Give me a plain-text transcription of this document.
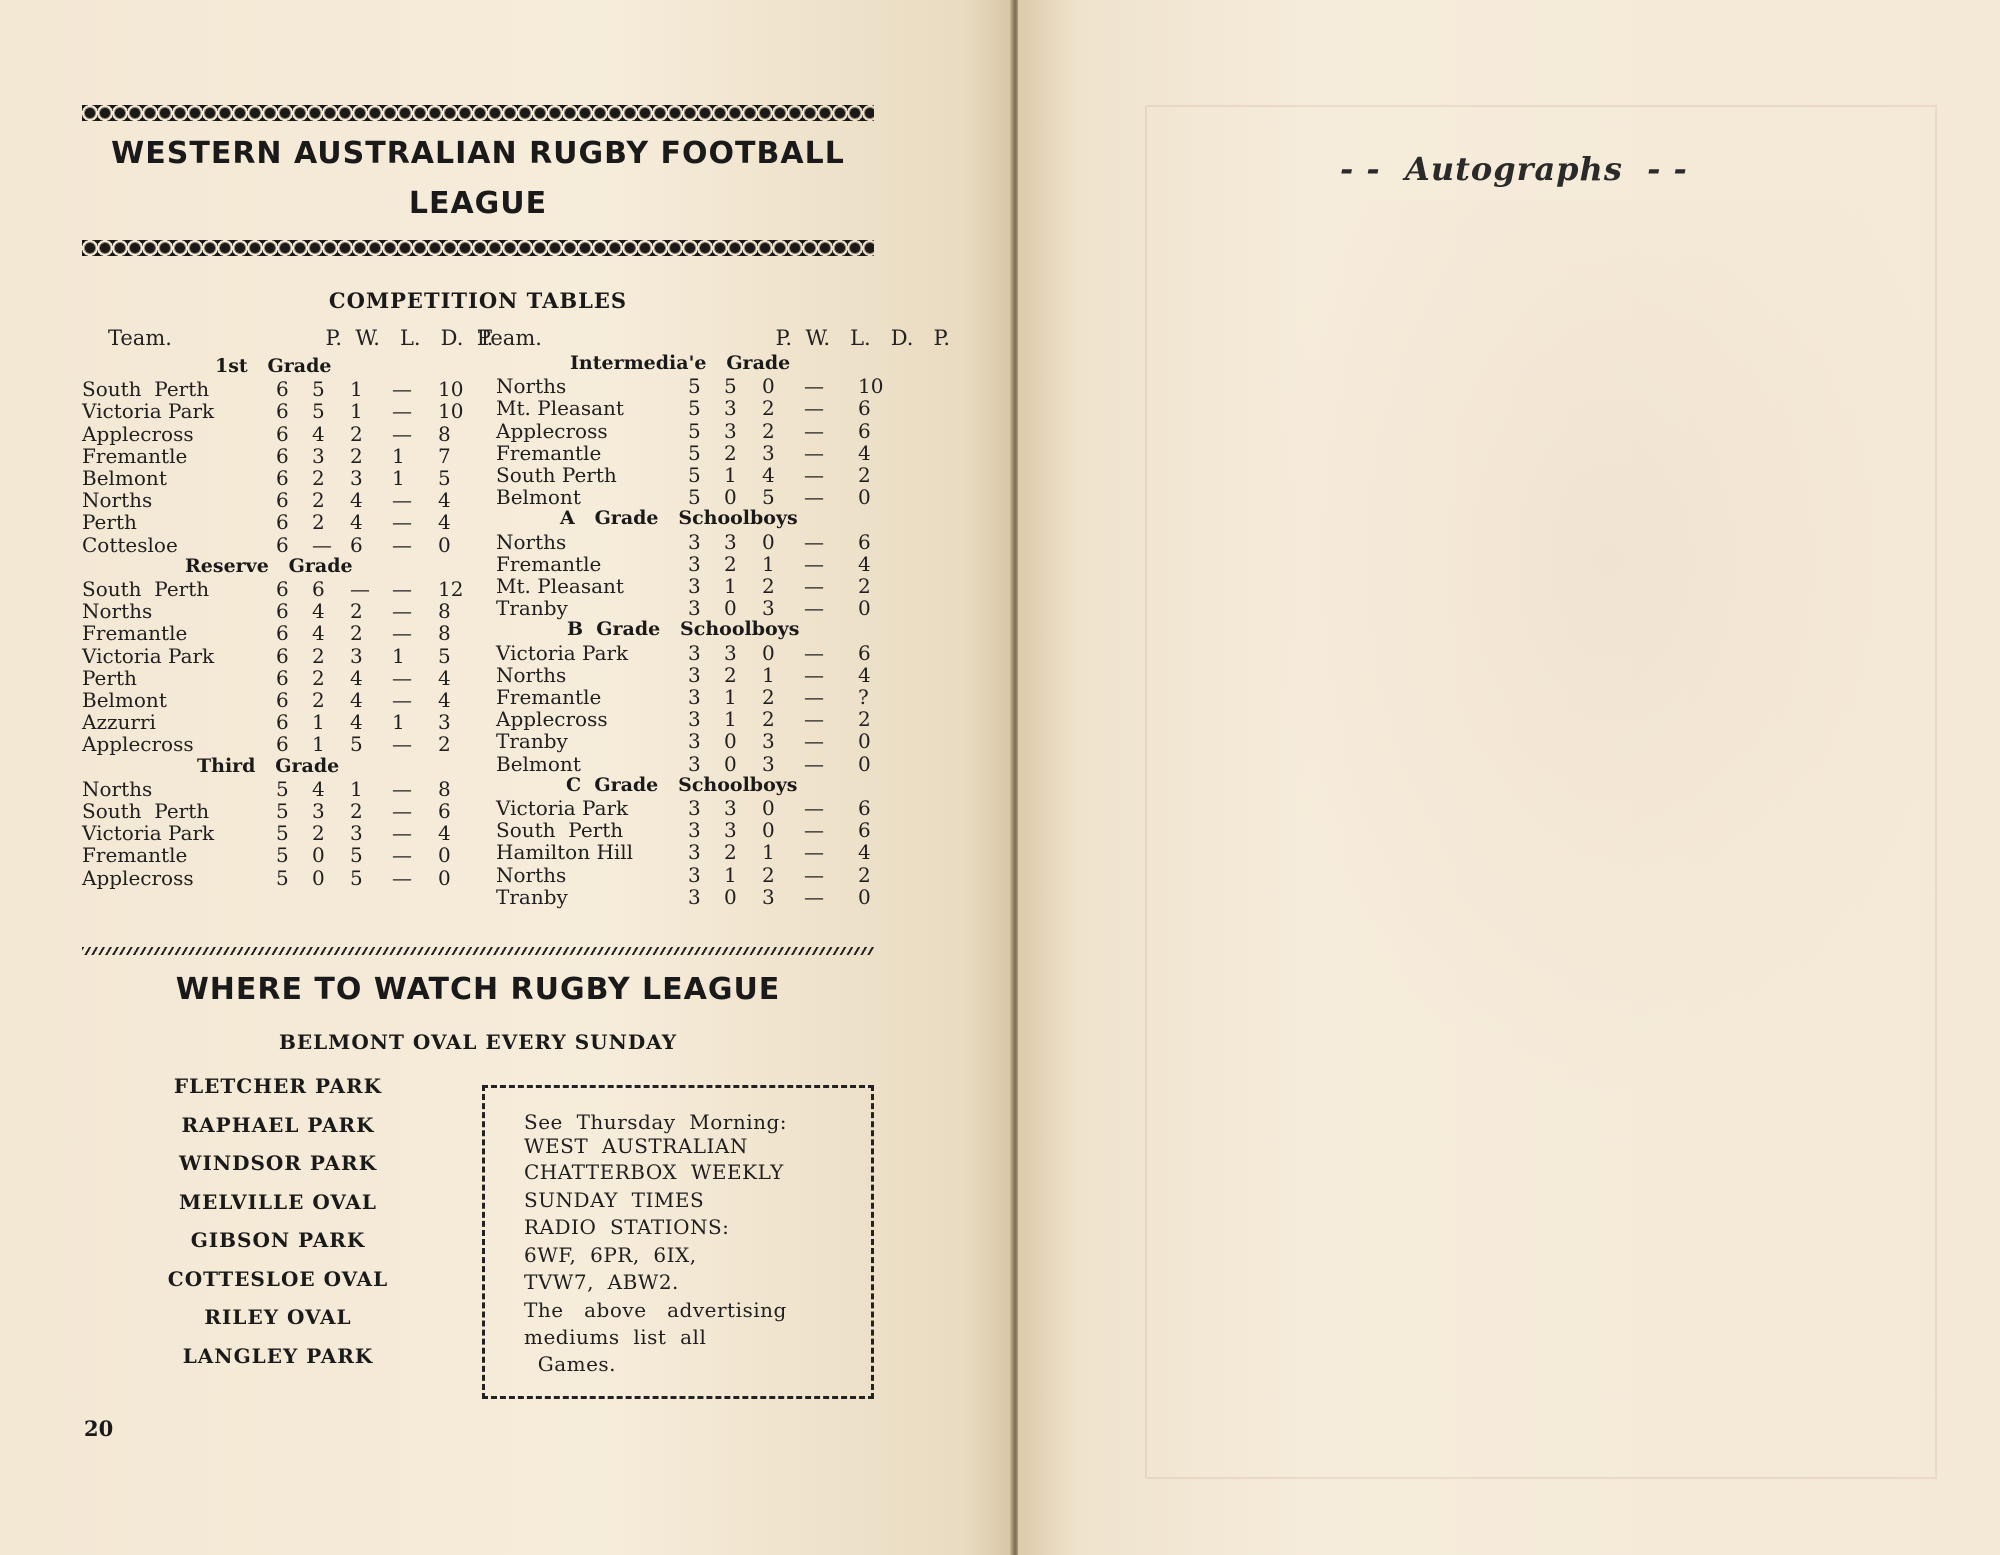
WESTERN AUSTRALIAN RUGBY FOOTBALL
LEAGUE
COMPETITION TABLES
Team.                       P.  W.   L.   D.  P.
Team.                                   P.  W.   L.   D.   P.
1st   Grade
South  Perth	6 5 1 — 10
Victoria Park	6 5 1 — 10
Applecross	6 4 2 — 8
Fremantle	6 3 2 1 7
Belmont	6 2 3 1 5
Norths	6 2 4 — 4
Perth	6 2 4 — 4
Cottesloe	6 — 6 — 0
Reserve   Grade
South  Perth	6 6 — — 12
Norths	6 4 2 — 8
Fremantle	6 4 2 — 8
Victoria Park	6 2 3 1 5
Perth	6 2 4 — 4
Belmont	6 2 4 — 4
Azzurri	6 1 4 1 3
Applecross	6 1 5 — 2
Third   Grade
Norths	5 4 1 — 8
South  Perth	5 3 2 — 6
Victoria Park	5 2 3 — 4
Fremantle	5 0 5 — 0
Applecross	5 0 5 — 0
Intermedia'e   Grade
Norths	5 5 0 — 10
Mt. Pleasant	5 3 2 — 6
Applecross	5 3 2 — 6
Fremantle	5 2 3 — 4
South Perth	5 1 4 — 2
Belmont	5 0 5 — 0
A   Grade   Schoolboys
Norths	3 3 0 — 6
Fremantle	3 2 1 — 4
Mt. Pleasant	3 1 2 — 2
Tranby	3 0 3 — 0
B  Grade   Schoolboys
Victoria Park	3 3 0 — 6
Norths	3 2 1 — 4
Fremantle	3 1 2 — ?
Applecross	3 1 2 — 2
Tranby	3 0 3 — 0
Belmont	3 0 3 — 0
C  Grade   Schoolboys
Victoria Park	3 3 0 — 6
South  Perth	3 3 0 — 6
Hamilton Hill	3 2 1 — 4
Norths	3 1 2 — 2
Tranby	3 0 3 — 0
WHERE TO WATCH RUGBY LEAGUE
BELMONT OVAL EVERY SUNDAY
FLETCHER PARK
RAPHAEL PARK
WINDSOR PARK
MELVILLE OVAL
GIBSON PARK
COTTESLOE OVAL
RILEY OVAL
LANGLEY PARK
See  Thursday  Morning:
WEST  AUSTRALIAN
CHATTERBOX  WEEKLY
SUNDAY  TIMES
RADIO  STATIONS:
6WF,  6PR,  6IX,
TVW7,  ABW2.
The   above   advertising
mediums  list  all
Games.
20
- -  Autographs  - -
